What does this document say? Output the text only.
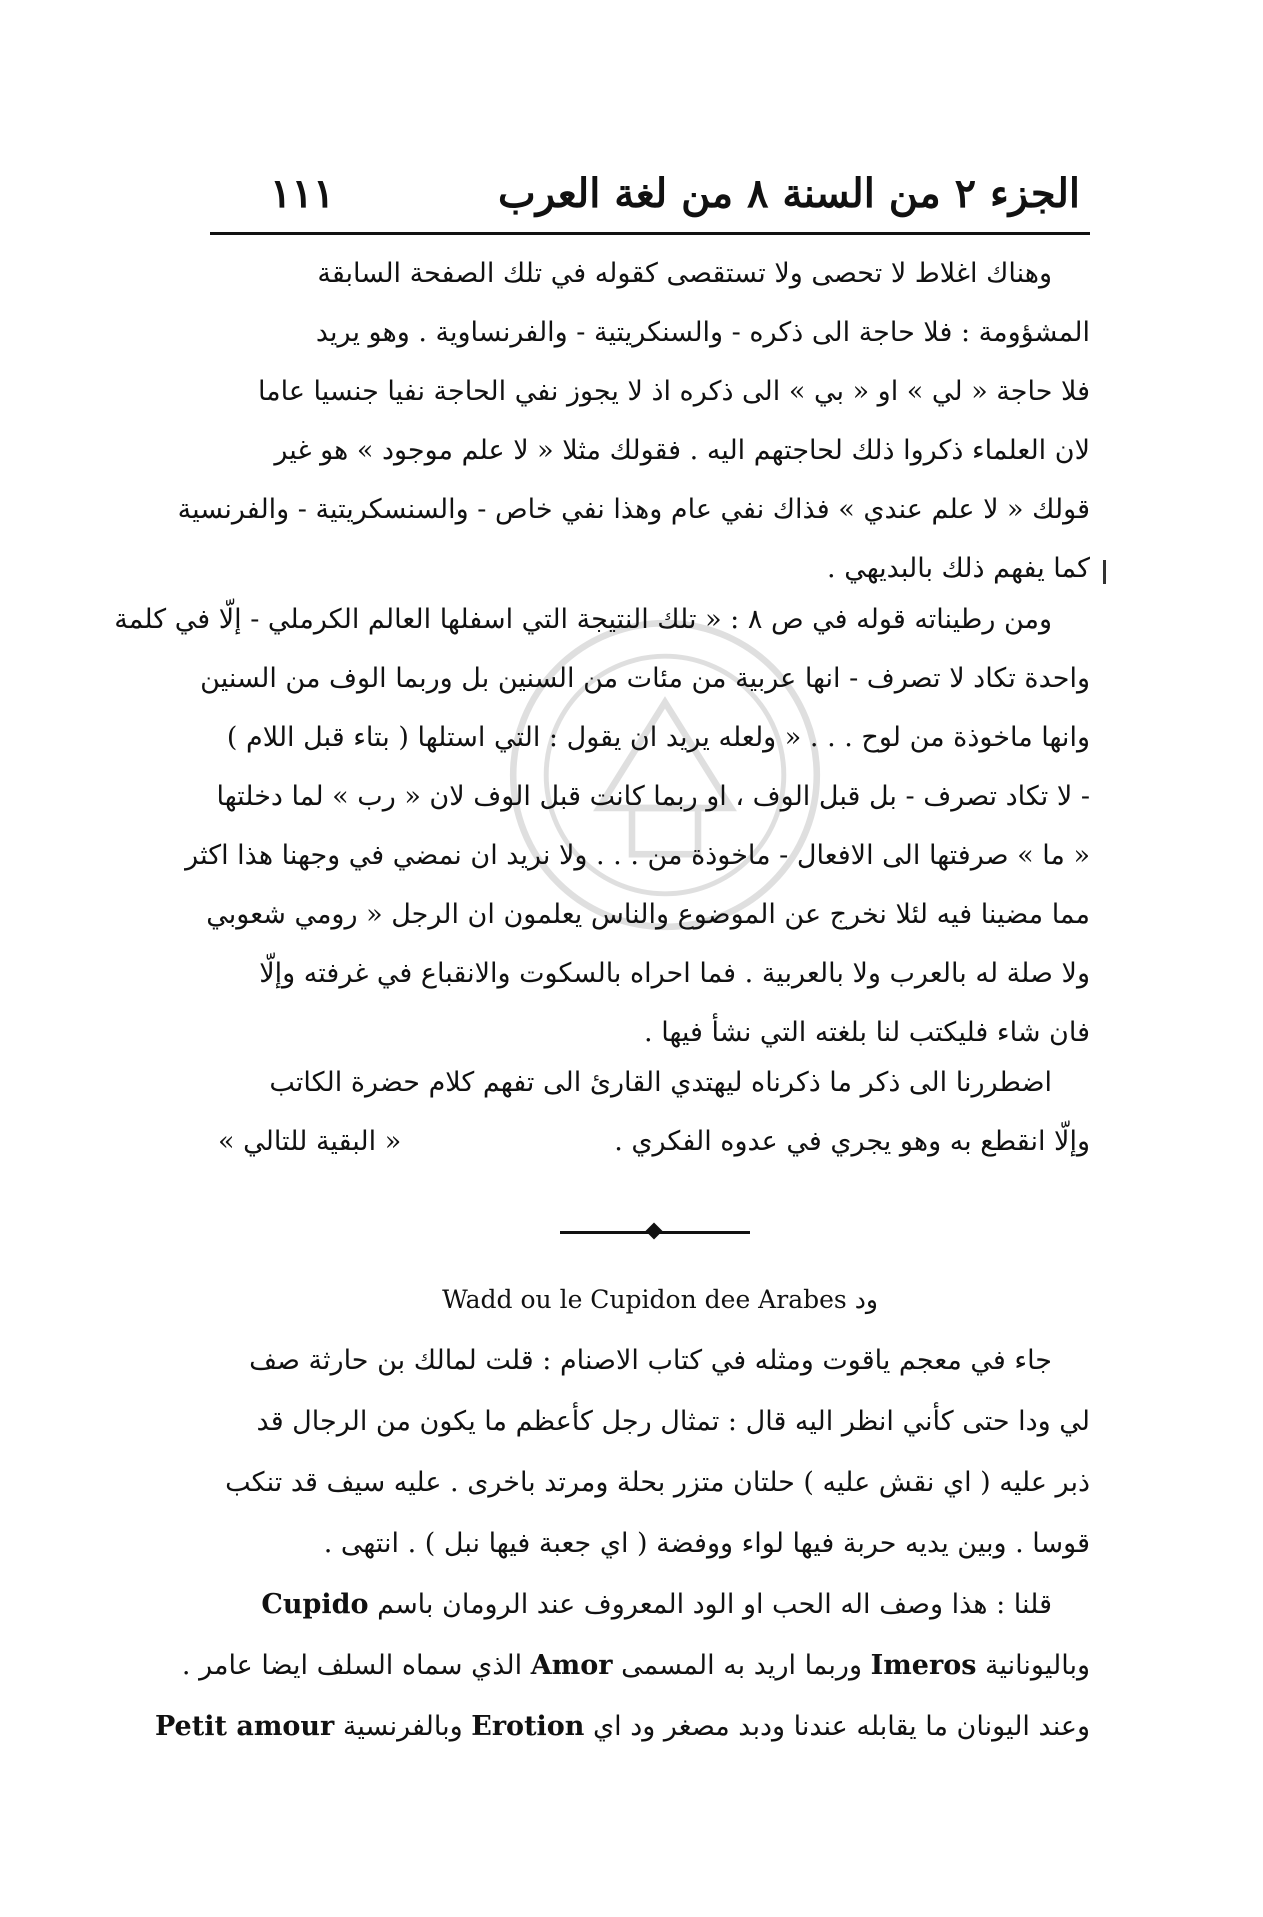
الجزء ٢ من السنة ٨ من لغة العرب
١١١
وهناك اغلاط لا تحصى ولا تستقصى كقوله في تلك الصفحة السابقة
المشؤومة : فلا حاجة الى ذكره - والسنكريتية - والفرنساوية . وهو يريد
فلا حاجة « لي » او « بي » الى ذكره اذ لا يجوز نفي الحاجة نفيا جنسيا عاما
لان العلماء ذكروا ذلك لحاجتهم اليه . فقولك مثلا « لا علم موجود » هو غير
قولك « لا علم عندي » فذاك نفي عام وهذا نفي خاص - والسنسكريتية - والفرنسية
كما يفهم ذلك بالبديهي .
ومن رطيناته قوله في ص ٨ : « تلك النتيجة التي اسفلها العالم الكرملي - إلّا في كلمة
واحدة تكاد لا تصرف - انها عربية من مئات من السنين بل وربما الوف من السنين
وانها ماخوذة من لوح . . . « ولعله يريد ان يقول : التي استلها ( بتاء قبل اللام )
- لا تكاد تصرف - بل قبل الوف ، او ربما كانت قبل الوف لان « رب » لما دخلتها
« ما » صرفتها الى الافعال - ماخوذة من . . . ولا نريد ان نمضي في وجهنا هذا اكثر
مما مضينا فيه لئلا نخرج عن الموضوع والناس يعلمون ان الرجل « رومي شعوبي
ولا صلة له بالعرب ولا بالعربية . فما احراه بالسكوت والانقباع في غرفته وإلّا
فان شاء فليكتب لنا بلغته التي نشأ فيها .
اضطررنا الى ذكر ما ذكرناه ليهتدي القارئ الى تفهم كلام حضرة الكاتب
وإلّا انقطع به وهو يجري في عدوه الفكري .
« البقية للتالي »
Wadd ou le Cupidon dee Arabes ود
جاء في معجم ياقوت ومثله في كتاب الاصنام : قلت لمالك بن حارثة صف
لي ودا حتى كأني انظر اليه قال : تمثال رجل كأعظم ما يكون من الرجال قد
ذبر عليه ( اي نقش عليه ) حلتان متزر بحلة ومرتد باخرى . عليه سيف قد تنكب
قوسا . وبين يديه حربة فيها لواء ووفضة ( اي جعبة فيها نبل ) . انتهى .
قلنا : هذا وصف اله الحب او الود المعروف عند الرومان باسم Cupido
وباليونانية Imeros وربما اريد به المسمى Amor الذي سماه السلف ايضا عامر .
وعند اليونان ما يقابله عندنا ودبد مصغر ود اي Erotion وبالفرنسية Petit amour
